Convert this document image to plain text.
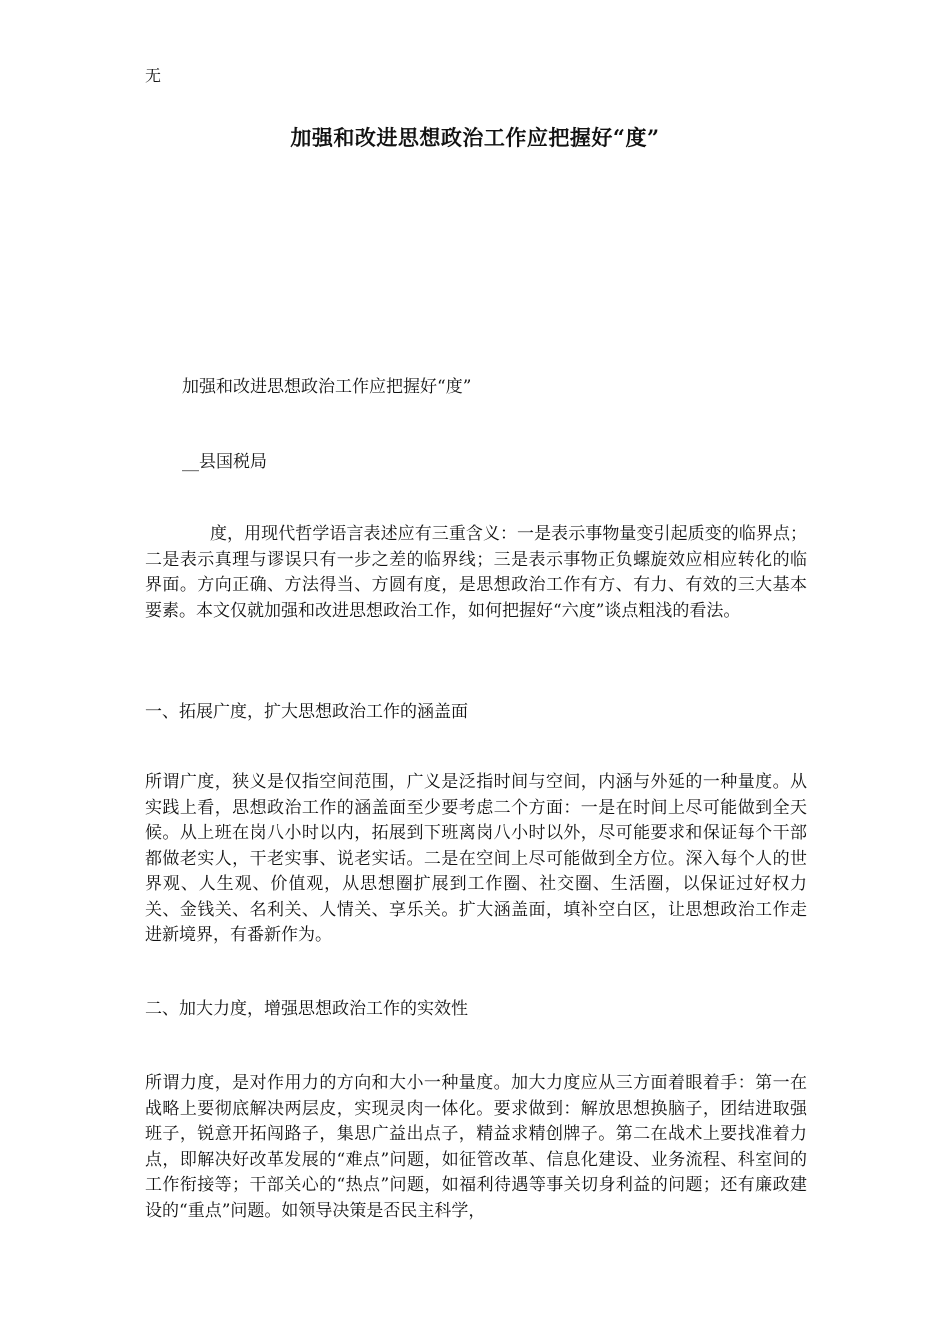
无
加强和改进思想政治工作应把握好“度”
加强和改进思想政治工作应把握好“度”
__县国税局
度，用现代哲学语言表述应有三重含义：一是表示事物量变引起质变的临界点；二是表示真理与谬误只有一步之差的临界线；三是表示事物正负螺旋效应相应转化的临界面。方向正确、方法得当、方圆有度，是思想政治工作有方、有力、有效的三大基本要素。本文仅就加强和改进思想政治工作，如何把握好“六度”谈点粗浅的看法。
一、拓展广度，扩大思想政治工作的涵盖面
所谓广度，狭义是仅指空间范围，广义是泛指时间与空间，内涵与外延的一种量度。从实践上看，思想政治工作的涵盖面至少要考虑二个方面：一是在时间上尽可能做到全天候。从上班在岗八小时以内，拓展到下班离岗八小时以外，尽可能要求和保证每个干部都做老实人，干老实事、说老实话。二是在空间上尽可能做到全方位。深入每个人的世界观、人生观、价值观，从思想圈扩展到工作圈、社交圈、生活圈，以保证过好权力关、金钱关、名利关、人情关、享乐关。扩大涵盖面，填补空白区，让思想政治工作走进新境界，有番新作为。
二、加大力度，增强思想政治工作的实效性
所谓力度，是对作用力的方向和大小一种量度。加大力度应从三方面着眼着手：第一在战略上要彻底解决两层皮，实现灵肉一体化。要求做到：解放思想换脑子，团结进取强班子，锐意开拓闯路子，集思广益出点子，精益求精创牌子。第二在战术上要找准着力点，即解决好改革发展的“难点”问题，如征管改革、信息化建设、业务流程、科室间的工作衔接等；干部关心的“热点”问题，如福利待遇等事关切身利益的问题；还有廉政建设的“重点”问题。如领导决策是否民主科学，
